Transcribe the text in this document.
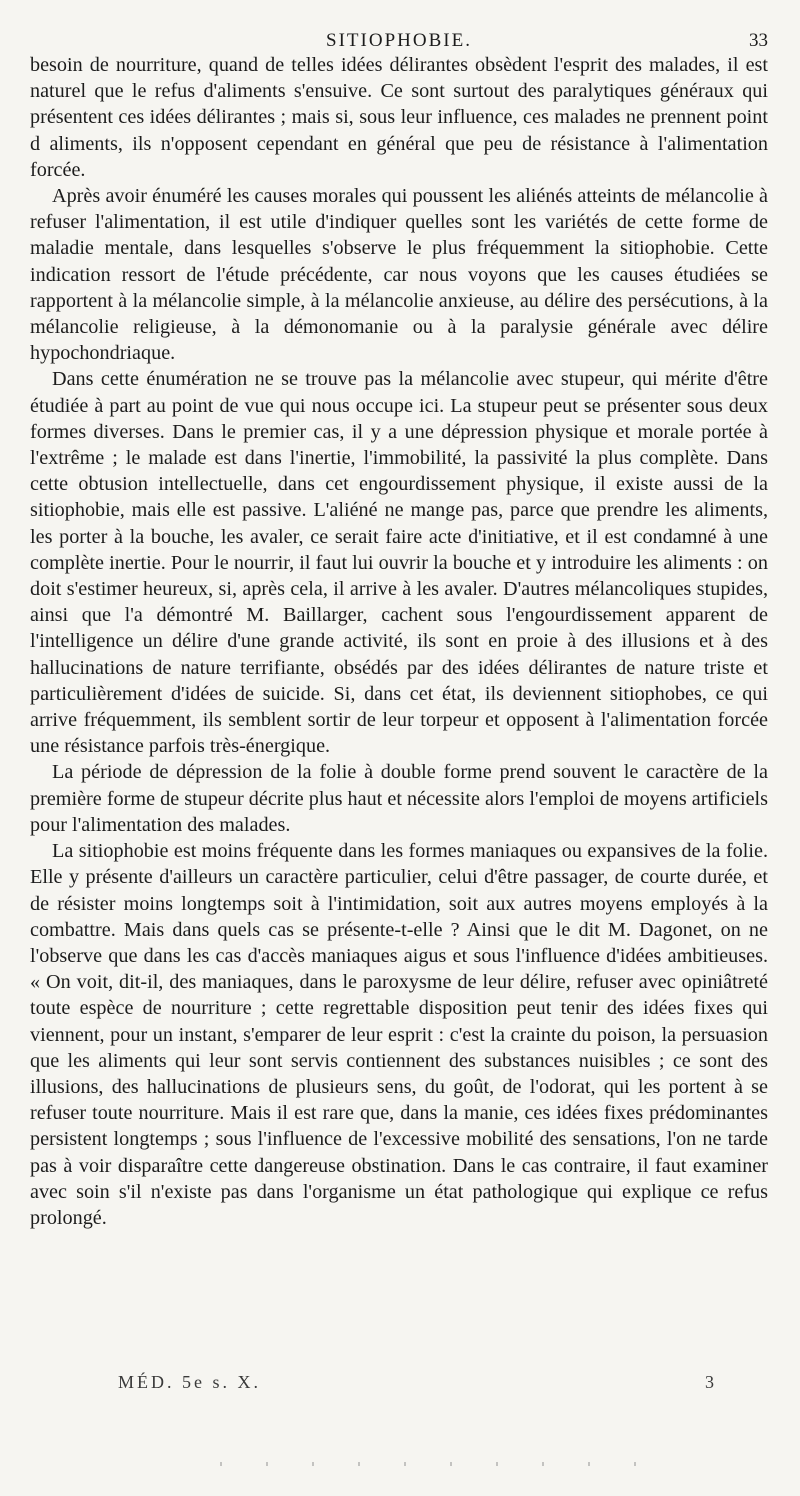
SITIOPHOBIE.	33

besoin de nourriture, quand de telles idées délirantes obsèdent l'esprit des malades, il est naturel que le refus d'aliments s'ensuive. Ce sont surtout des paralytiques généraux qui présentent ces idées délirantes ; mais si, sous leur influence, ces malades ne prennent point d aliments, ils n'opposent cependant en général que peu de résistance à l'alimentation forcée.

Après avoir énuméré les causes morales qui poussent les aliénés atteints de mélancolie à refuser l'alimentation, il est utile d'indiquer quelles sont les variétés de cette forme de maladie mentale, dans lesquelles s'observe le plus fréquemment la sitiophobie. Cette indication ressort de l'étude précédente, car nous voyons que les causes étudiées se rapportent à la mélancolie simple, à la mélancolie anxieuse, au délire des persécutions, à la mélancolie religieuse, à la démonomanie ou à la paralysie générale avec délire hypochondriaque.

Dans cette énumération ne se trouve pas la mélancolie avec stupeur, qui mérite d'être étudiée à part au point de vue qui nous occupe ici. La stupeur peut se présenter sous deux formes diverses. Dans le premier cas, il y a une dépression physique et morale portée à l'extrême ; le malade est dans l'inertie, l'immobilité, la passivité la plus complète. Dans cette obtusion intellectuelle, dans cet engourdissement physique, il existe aussi de la sitiophobie, mais elle est passive. L'aliéné ne mange pas, parce que prendre les aliments, les porter à la bouche, les avaler, ce serait faire acte d'initiative, et il est condamné à une complète inertie. Pour le nourrir, il faut lui ouvrir la bouche et y introduire les aliments : on doit s'estimer heureux, si, après cela, il arrive à les avaler. D'autres mélancoliques stupides, ainsi que l'a démontré M. Baillarger, cachent sous l'engourdissement apparent de l'intelligence un délire d'une grande activité, ils sont en proie à des illusions et à des hallucinations de nature terrifiante, obsédés par des idées délirantes de nature triste et particulièrement d'idées de suicide. Si, dans cet état, ils deviennent sitiophobes, ce qui arrive fréquemment, ils semblent sortir de leur torpeur et opposent à l'alimentation forcée une résistance parfois très-énergique.

La période de dépression de la folie à double forme prend souvent le caractère de la première forme de stupeur décrite plus haut et nécessite alors l'emploi de moyens artificiels pour l'alimentation des malades.

La sitiophobie est moins fréquente dans les formes maniaques ou expansives de la folie. Elle y présente d'ailleurs un caractère particulier, celui d'être passager, de courte durée, et de résister moins longtemps soit à l'intimidation, soit aux autres moyens employés à la combattre. Mais dans quels cas se présente-t-elle ? Ainsi que le dit M. Dagonet, on ne l'observe que dans les cas d'accès maniaques aigus et sous l'influence d'idées ambitieuses. « On voit, dit-il, des maniaques, dans le paroxysme de leur délire, refuser avec opiniâtreté toute espèce de nourriture ; cette regrettable disposition peut tenir des idées fixes qui viennent, pour un instant, s'emparer de leur esprit : c'est la crainte du poison, la persuasion que les aliments qui leur sont servis contiennent des substances nuisibles ; ce sont des illusions, des hallucinations de plusieurs sens, du goût, de l'odorat, qui les portent à se refuser toute nourriture. Mais il est rare que, dans la manie, ces idées fixes prédominantes persistent longtemps ; sous l'influence de l'excessive mobilité des sensations, l'on ne tarde pas à voir disparaître cette dangereuse obstination. Dans le cas contraire, il faut examiner avec soin s'il n'existe pas dans l'organisme un état pathologique qui explique ce refus prolongé.

MÉD. 5e s. X.	3
